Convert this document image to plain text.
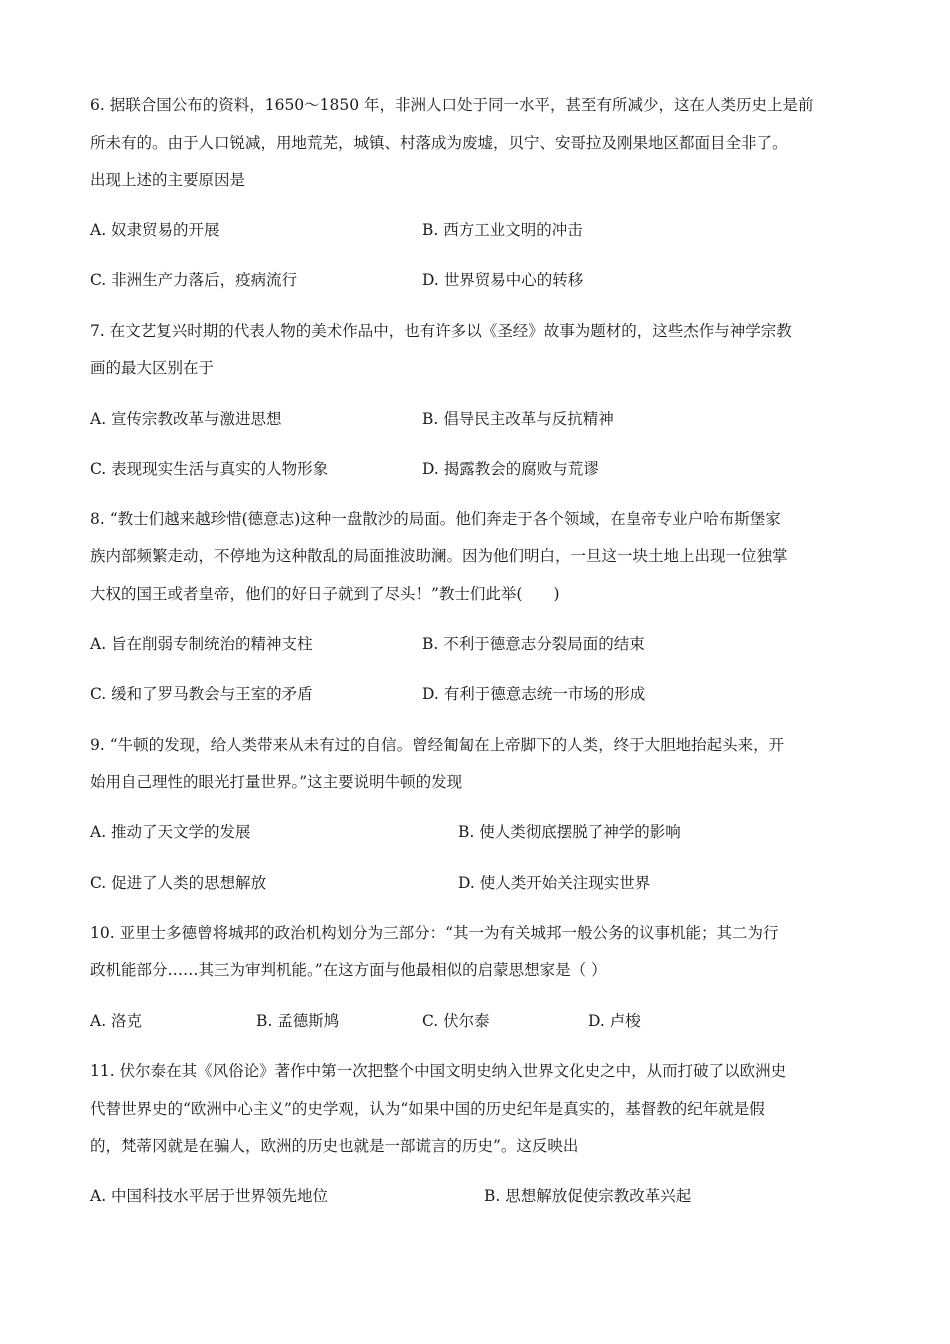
6. 据联合国公布的资料，1650～1850 年，非洲人口处于同一水平，甚至有所减少，这在人类历史上是前
所未有的。由于人口锐减，用地荒芜，城镇、村落成为废墟，贝宁、安哥拉及刚果地区都面目全非了。
出现上述的主要原因是
A. 奴隶贸易的开展	B. 西方工业文明的冲击
C. 非洲生产力落后，疫病流行	D. 世界贸易中心的转移
7. 在文艺复兴时期的代表人物的美术作品中，也有许多以《圣经》故事为题材的，这些杰作与神学宗教
画的最大区别在于
A. 宣传宗教改革与激进思想	B. 倡导民主改革与反抗精神
C. 表现现实生活与真实的人物形象	D. 揭露教会的腐败与荒谬
8. “教士们越来越珍惜(德意志)这种一盘散沙的局面。他们奔走于各个领域，在皇帝专业户哈布斯堡家
族内部频繁走动，不停地为这种散乱的局面推波助澜。因为他们明白，一旦这一块土地上出现一位独掌
大权的国王或者皇帝，他们的好日子就到了尽头！”教士们此举(　　)
A. 旨在削弱专制统治的精神支柱	B. 不利于德意志分裂局面的结束
C. 缓和了罗马教会与王室的矛盾	D. 有利于德意志统一市场的形成
9. “牛顿的发现，给人类带来从未有过的自信。曾经匍匐在上帝脚下的人类，终于大胆地抬起头来，开
始用自己理性的眼光打量世界。”这主要说明牛顿的发现
A. 推动了天文学的发展	B. 使人类彻底摆脱了神学的影响
C. 促进了人类的思想解放	D. 使人类开始关注现实世界
10. 亚里士多德曾将城邦的政治机构划分为三部分：“其一为有关城邦一般公务的议事机能；其二为行
政机能部分……其三为审判机能。”在这方面与他最相似的启蒙思想家是（ ）
A. 洛克	B. 孟德斯鸠	C. 伏尔泰	D. 卢梭
11. 伏尔泰在其《风俗论》著作中第一次把整个中国文明史纳入世界文化史之中，从而打破了以欧洲史
代替世界史的“欧洲中心主义”的史学观，认为“如果中国的历史纪年是真实的，基督教的纪年就是假
的，梵蒂冈就是在骗人，欧洲的历史也就是一部谎言的历史”。这反映出
A. 中国科技水平居于世界领先地位	B. 思想解放促使宗教改革兴起
